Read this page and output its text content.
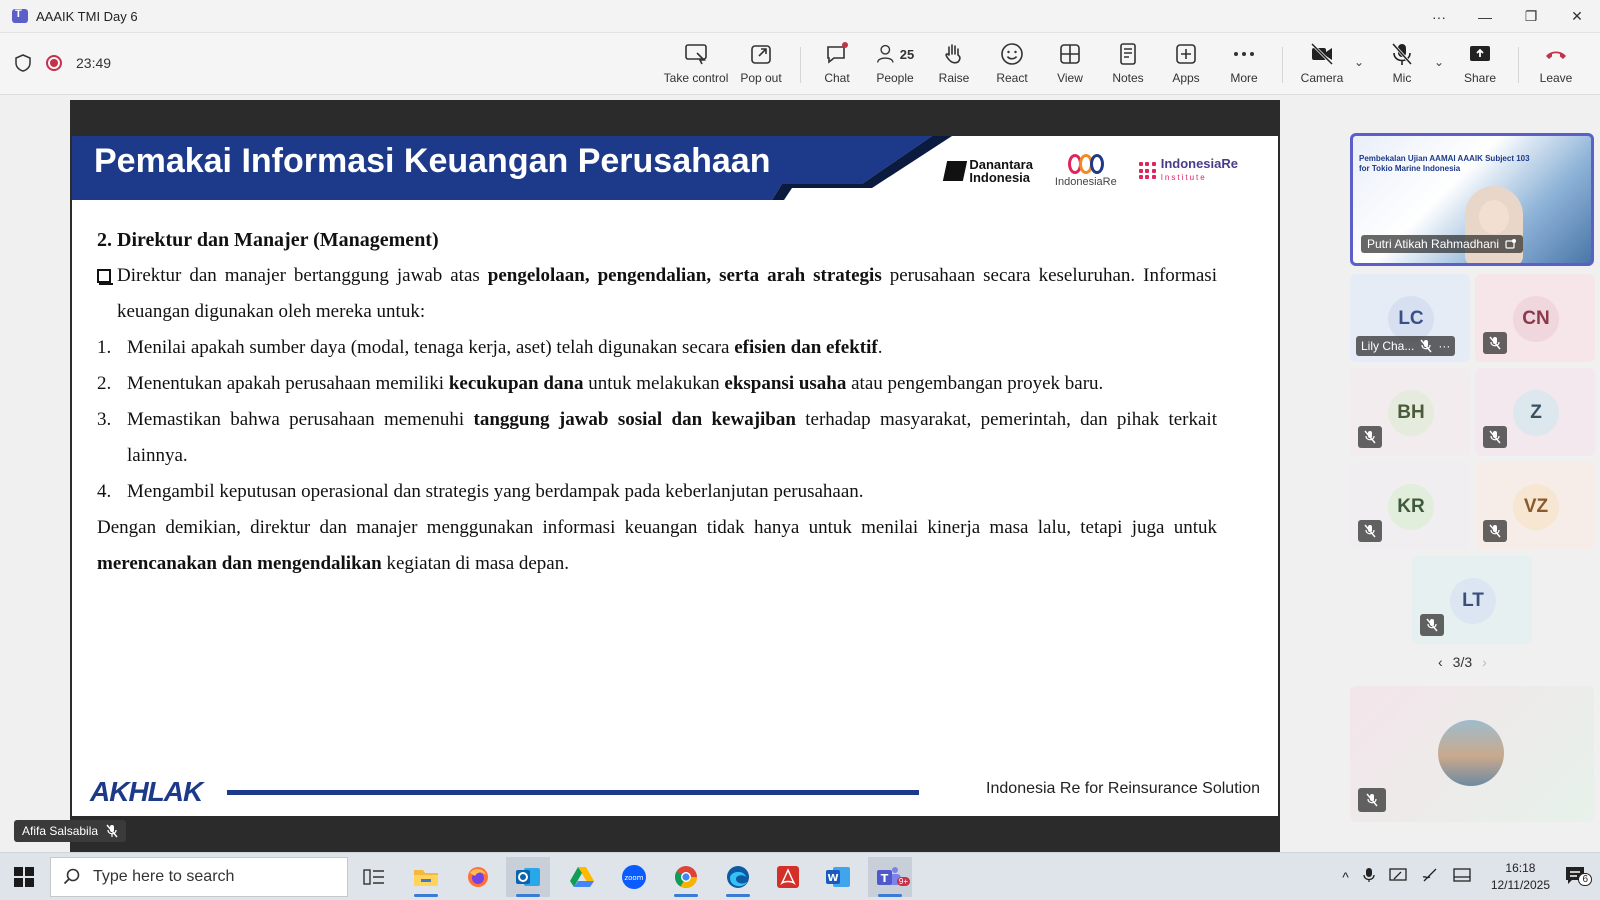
T
AAAIK TMI Day 6	···	—	❐	✕
23:49
Take control Pop out	Chat
25
People Raise React View Notes Apps	More	Camera
⌄
Mic
⌄
Share	Leave
Pemakai Informasi Keuangan Perusahaan	Danantara
Indonesia IndonesiaRe
IndonesiaRe
Institute
2. Direktur dan Manajer (Management)
Direktur dan manajer bertanggung jawab atas pengelolaan, pengendalian, serta arah strategis perusahaan secara keseluruhan. Informasi keuangan digunakan oleh mereka untuk:
1. Menilai apakah sumber daya (modal, tenaga kerja, aset) telah digunakan secara efisien dan efektif.
2. Menentukan apakah perusahaan memiliki kecukupan dana untuk melakukan ekspansi usaha atau pengembangan proyek baru.
3. Memastikan bahwa perusahaan memenuhi tanggung jawab sosial dan kewajiban terhadap masyarakat, pemerintah, dan pihak terkait lainnya.
4. Mengambil keputusan operasional dan strategis yang berdampak pada keberlanjutan perusahaan.
Dengan demikian, direktur dan manajer menggunakan informasi keuangan tidak hanya untuk menilai kinerja masa lalu, tetapi juga untuk merencanakan dan mengendalikan kegiatan di masa depan.
AKHLAK	Indonesia Re for Reinsurance Solution
Afifa Salsabila
Pembekalan Ujian AAMAI AAAIK Subject 103 for Tokio Marine Indonesia
Putri Atikah Rahmadhani
LC
Lily Cha... ···
CN
BH	Z
KR	VZ
LT
‹ 3/3 ›
Type here to search	zoom	W	T 9+	^
16:18
12/11/2025	6
